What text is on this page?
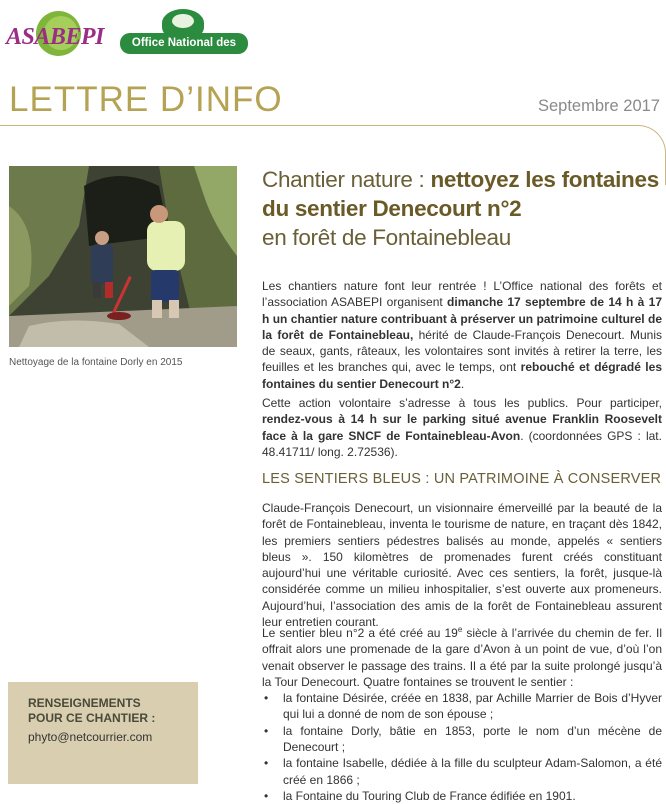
ASABEPI	Office National des Forêts
LETTRE D’INFO	Septembre 2017
Nettoyage de la fontaine Dorly en 2015
Chantier nature : nettoyez les fontaines du sentier Denecourt n°2
en forêt de Fontainebleau
Les chantiers nature font leur rentrée ! L’Office national des forêts et l’association ASABEPI organisent dimanche 17 septembre de 14 h à 17 h un chantier nature contribuant à préserver un patrimoine culturel de la forêt de Fontainebleau, hérité de Claude-François Denecourt. Munis de seaux, gants, râteaux, les volontaires sont invités à retirer la terre, les feuilles et les branches qui, avec le temps, ont rebouché et dégradé les fontaines du sentier Denecourt n°2.
Cette action volontaire s’adresse à tous les publics. Pour participer, rendez-vous à 14 h sur le parking situé avenue Franklin Roosevelt face à la gare SNCF de Fontainebleau-Avon. (coordonnées GPS : lat. 48.41711/ long. 2.72536).
LES SENTIERS BLEUS : UN PATRIMOINE À CONSERVER
Claude-François Denecourt, un visionnaire émerveillé par la beauté de la forêt de Fontainebleau, inventa le tourisme de nature, en traçant dès 1842, les premiers sentiers pédestres balisés au monde, appelés « sentiers bleus ». 150 kilomètres de promenades furent créés constituant aujourd’hui une véritable curiosité. Avec ces sentiers, la forêt, jusque-là considérée comme un milieu inhospitalier, s’est ouverte aux promeneurs. Aujourd’hui, l’association des amis de la forêt de Fontainebleau assurent leur entretien courant.
Le sentier bleu n°2 a été créé au 19e siècle à l’arrivée du chemin de fer. Il offrait alors une promenade de la gare d’Avon à un point de vue, d’où l’on venait observer le passage des trains. Il a été par la suite prolongé jusqu’à la Tour Denecourt. Quatre fontaines se trouvent le sentier :
• la fontaine Désirée, créée en 1838, par Achille Marrier de Bois d’Hyver qui lui a donné de nom de son épouse ;
• la fontaine Dorly, bâtie en 1853, porte le nom d’un mécène de Denecourt ;
• la fontaine Isabelle, dédiée à la fille du sculpteur Adam-Salomon, a été créé en 1866 ;
• la Fontaine du Touring Club de France édifiée en 1901.
RENSEIGNEMENTS POUR CE CHANTIER :
phyto@netcourrier.com
